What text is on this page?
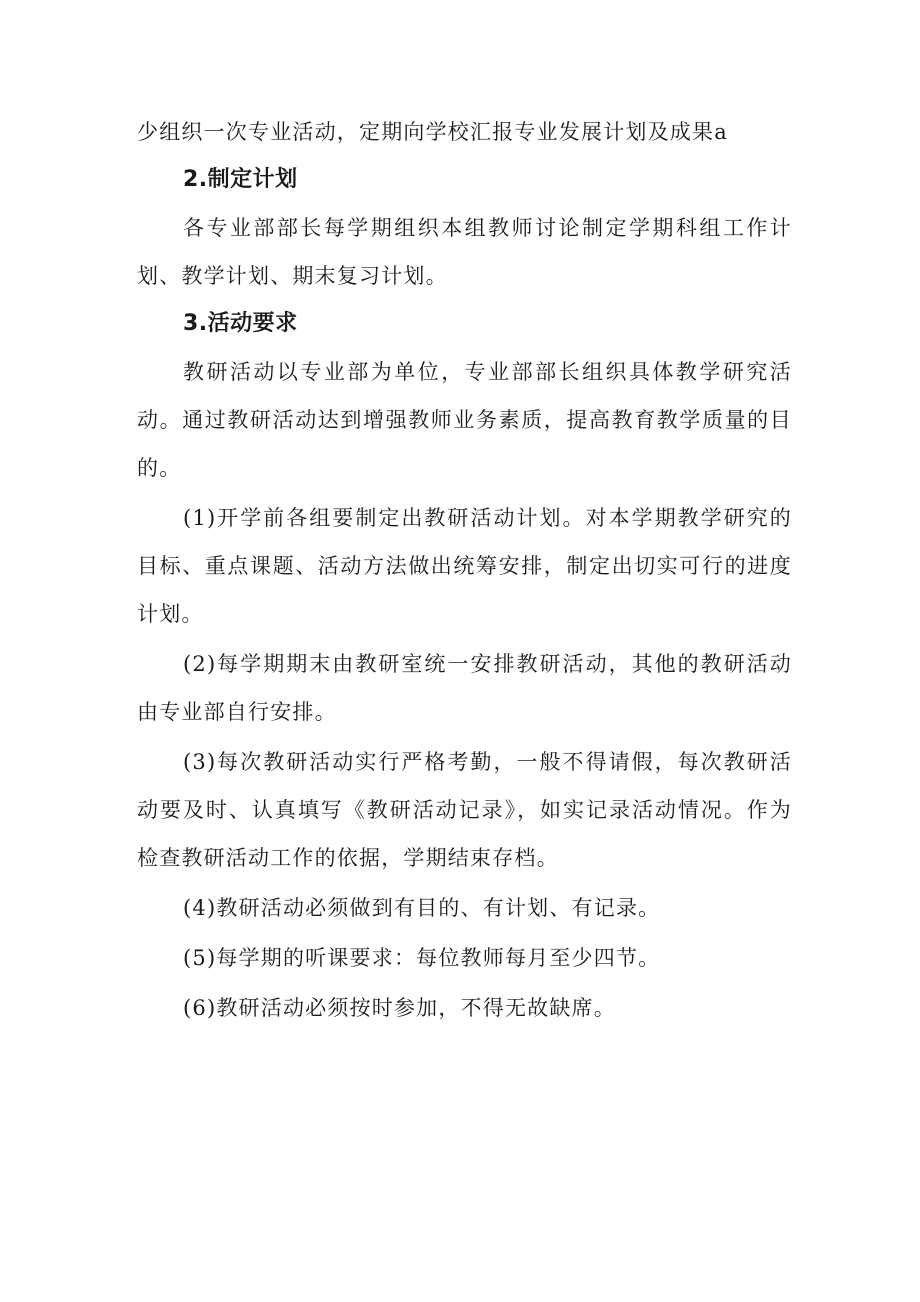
少组织一次专业活动，定期向学校汇报专业发展计划及成果a

2.制定计划

各专业部部长每学期组织本组教师讨论制定学期科组工作计划、教学计划、期末复习计划。

3.活动要求

教研活动以专业部为单位，专业部部长组织具体教学研究活动。通过教研活动达到增强教师业务素质，提高教育教学质量的目的。

(1)开学前各组要制定出教研活动计划。对本学期教学研究的目标、重点课题、活动方法做出统筹安排，制定出切实可行的进度计划。

(2)每学期期末由教研室统一安排教研活动，其他的教研活动由专业部自行安排。

(3)每次教研活动实行严格考勤，一般不得请假，每次教研活动要及时、认真填写《教研活动记录》，如实记录活动情况。作为检查教研活动工作的依据，学期结束存档。

(4)教研活动必须做到有目的、有计划、有记录。

(5)每学期的听课要求：每位教师每月至少四节。

(6)教研活动必须按时参加，不得无故缺席。
